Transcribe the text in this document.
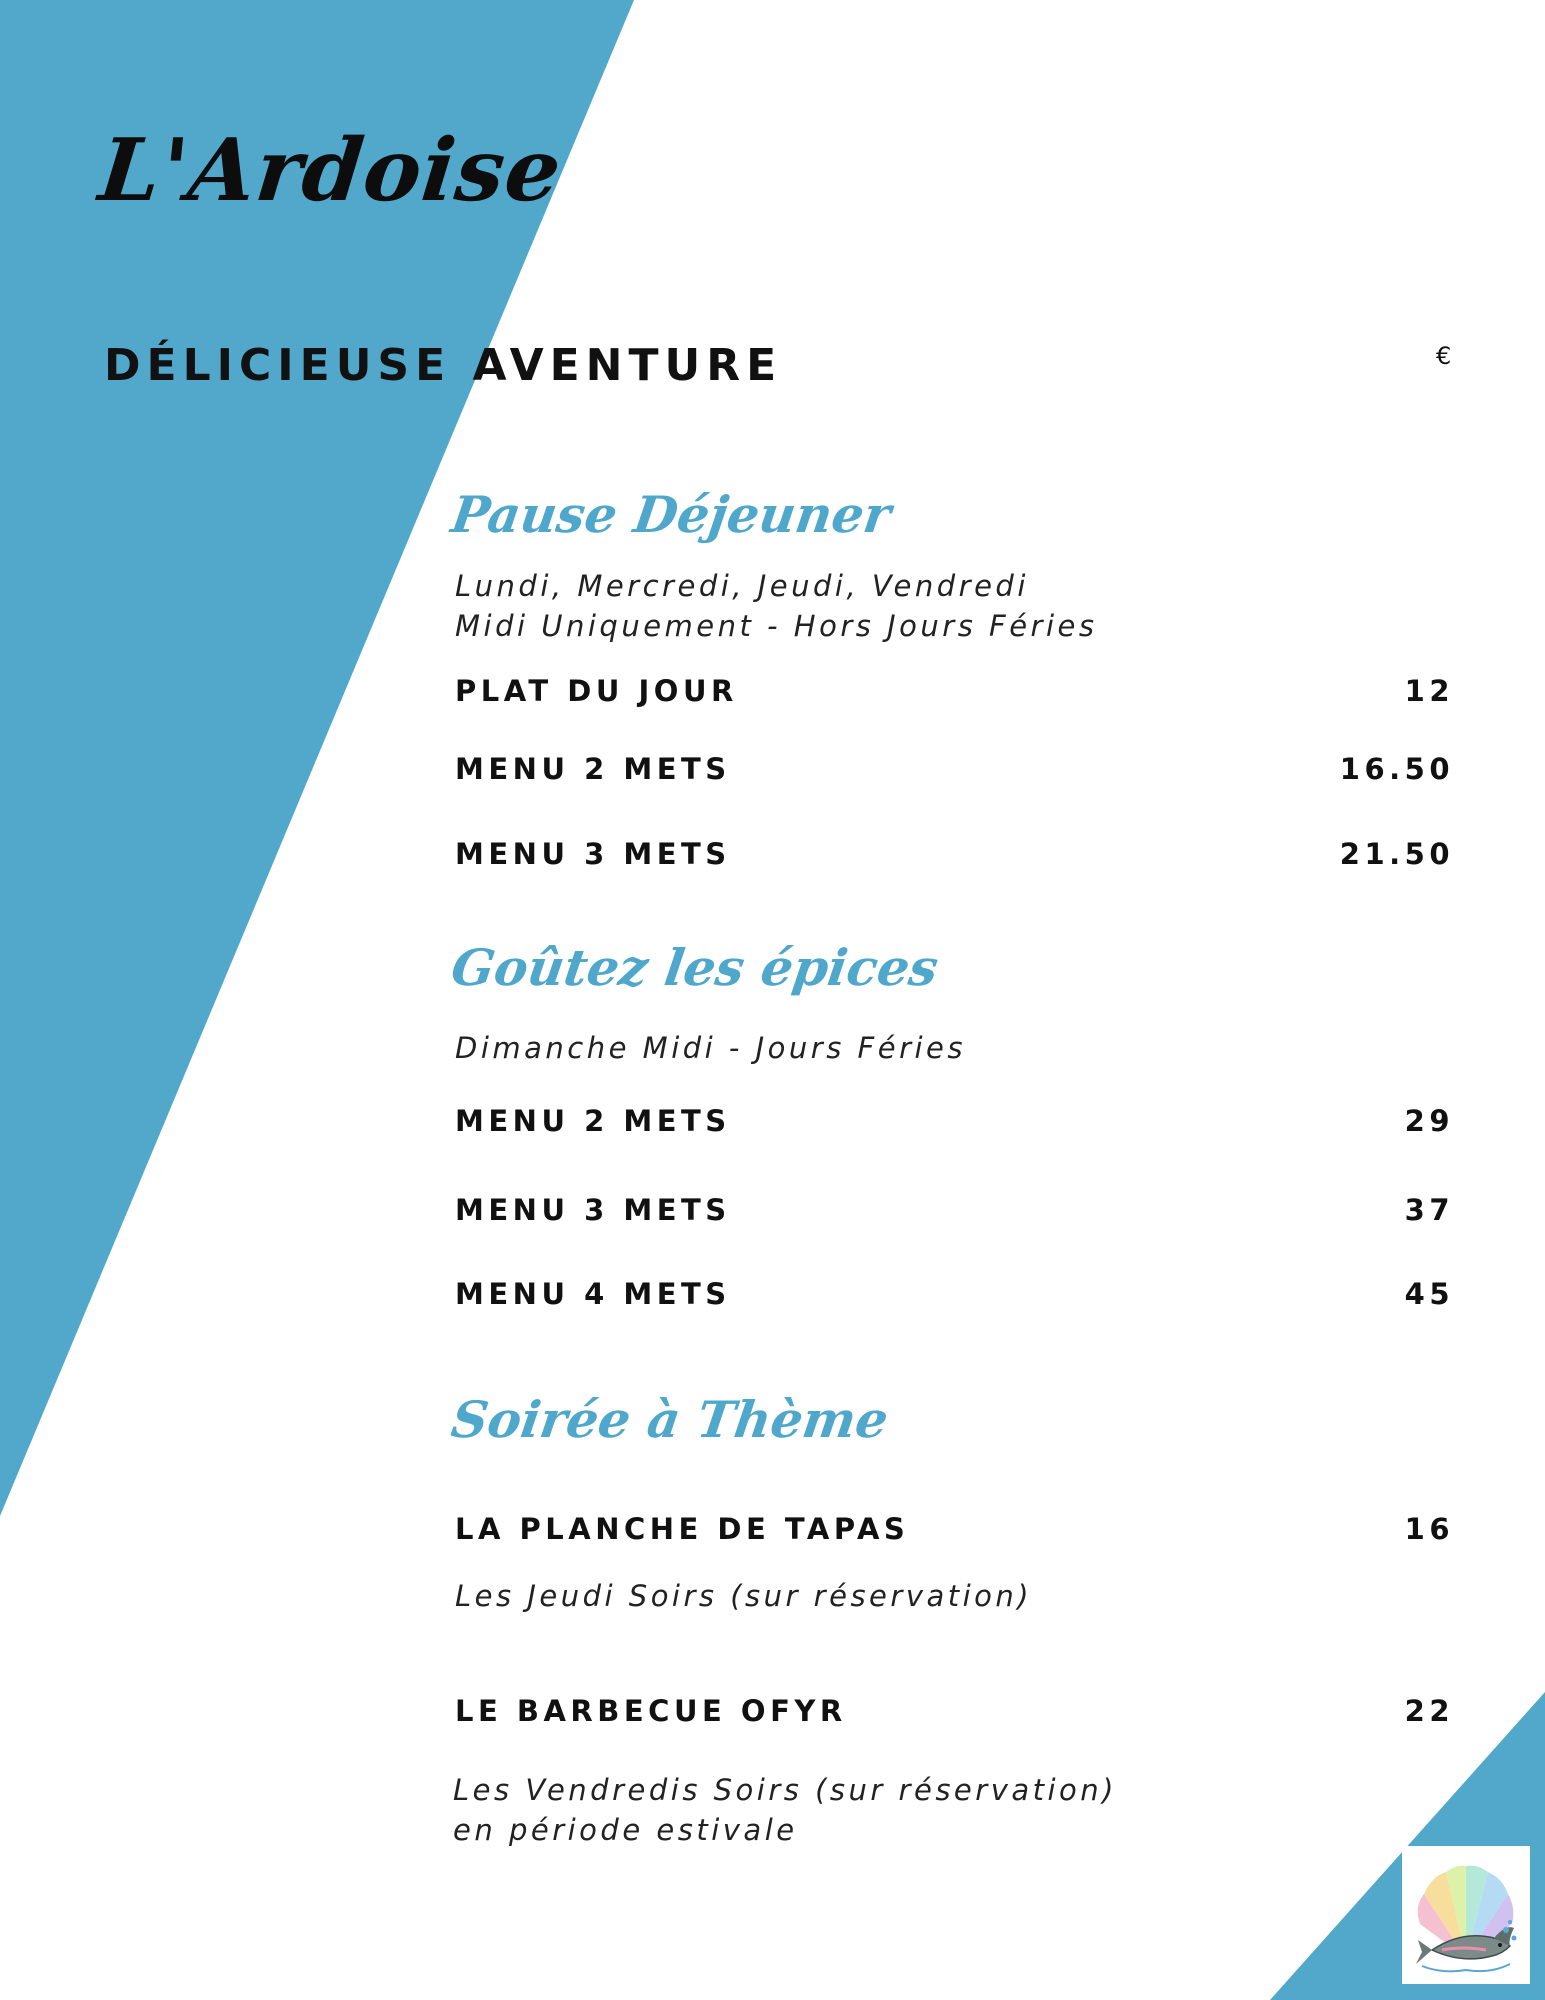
L'Ardoise
DÉLICIEUSE AVENTURE	€
Pause Déjeuner
Lundi, Mercredi, Jeudi, Vendredi
Midi Uniquement - Hors Jours Féries
PLAT DU JOUR	12
MENU 2 METS	16.50
MENU 3 METS	21.50
Goûtez les épices
Dimanche Midi - Jours Féries
MENU 2 METS	29
MENU 3 METS	37
MENU 4 METS	45
Soirée à Thème
LA PLANCHE DE TAPAS	16
Les Jeudi Soirs (sur réservation)
LE BARBECUE OFYR	22
Les Vendredis Soirs (sur réservation)
en période estivale
